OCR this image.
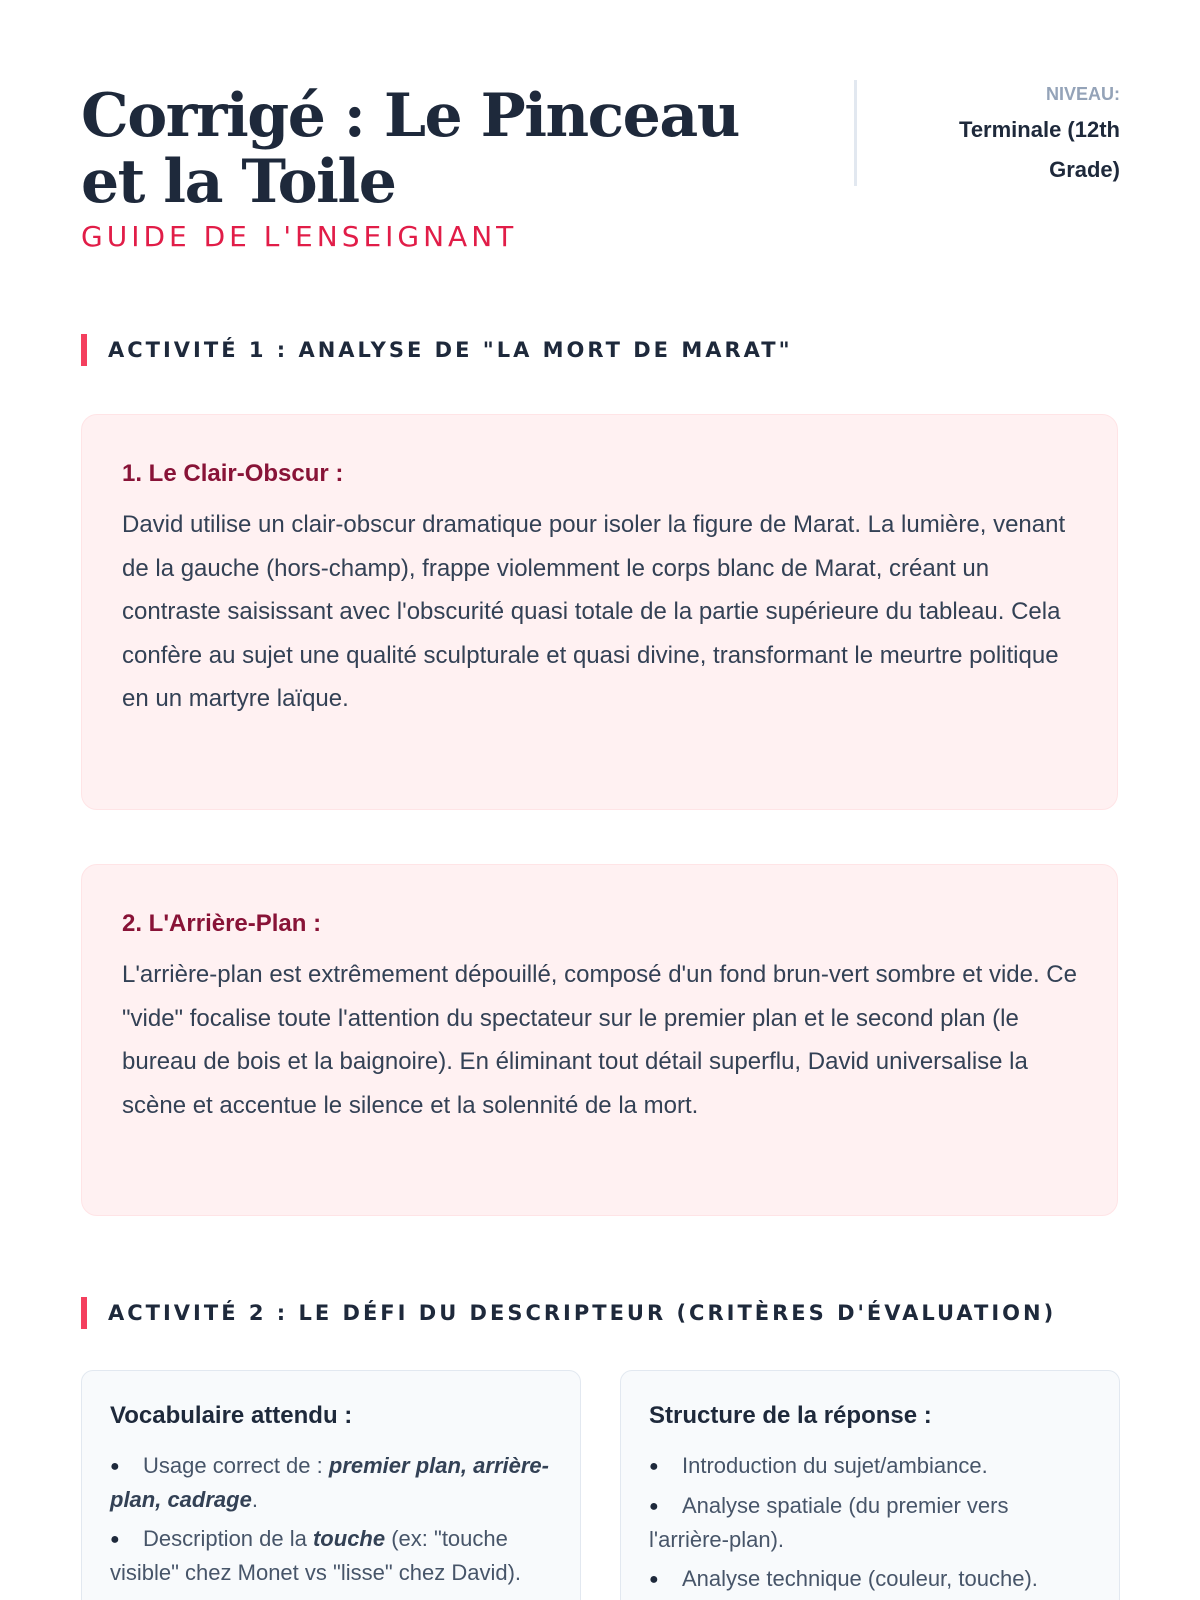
Corrigé : Le Pinceau et la Toile
GUIDE DE L'ENSEIGNANT
NIVEAU:
Terminale (12th Grade)
ACTIVITÉ 1 : ANALYSE DE "LA MORT DE MARAT"

1. Le Clair-Obscur :

David utilise un clair-obscur dramatique pour isoler la figure de Marat. La lumière, venant de la gauche (hors-champ), frappe violemment le corps blanc de Marat, créant un contraste saisissant avec l'obscurité quasi totale de la partie supérieure du tableau. Cela confère au sujet une qualité sculpturale et quasi divine, transformant le meurtre politique en un martyre laïque.

2. L'Arrière-Plan :

L'arrière-plan est extrêmement dépouillé, composé d'un fond brun-vert sombre et vide. Ce "vide" focalise toute l'attention du spectateur sur le premier plan et le second plan (le bureau de bois et la baignoire). En éliminant tout détail superflu, David universalise la scène et accentue le silence et la solennité de la mort.

ACTIVITÉ 2 : LE DÉFI DU DESCRIPTEUR (CRITÈRES D'ÉVALUATION)

Vocabulaire attendu :

● Usage correct de : premier plan, arrière-plan, cadrage.
● Description de la touche (ex: "touche visible" chez Monet vs "lisse" chez David).

Structure de la réponse :

● Introduction du sujet/ambiance.
● Analyse spatiale (du premier vers l'arrière-plan).
● Analyse technique (couleur, touche).
